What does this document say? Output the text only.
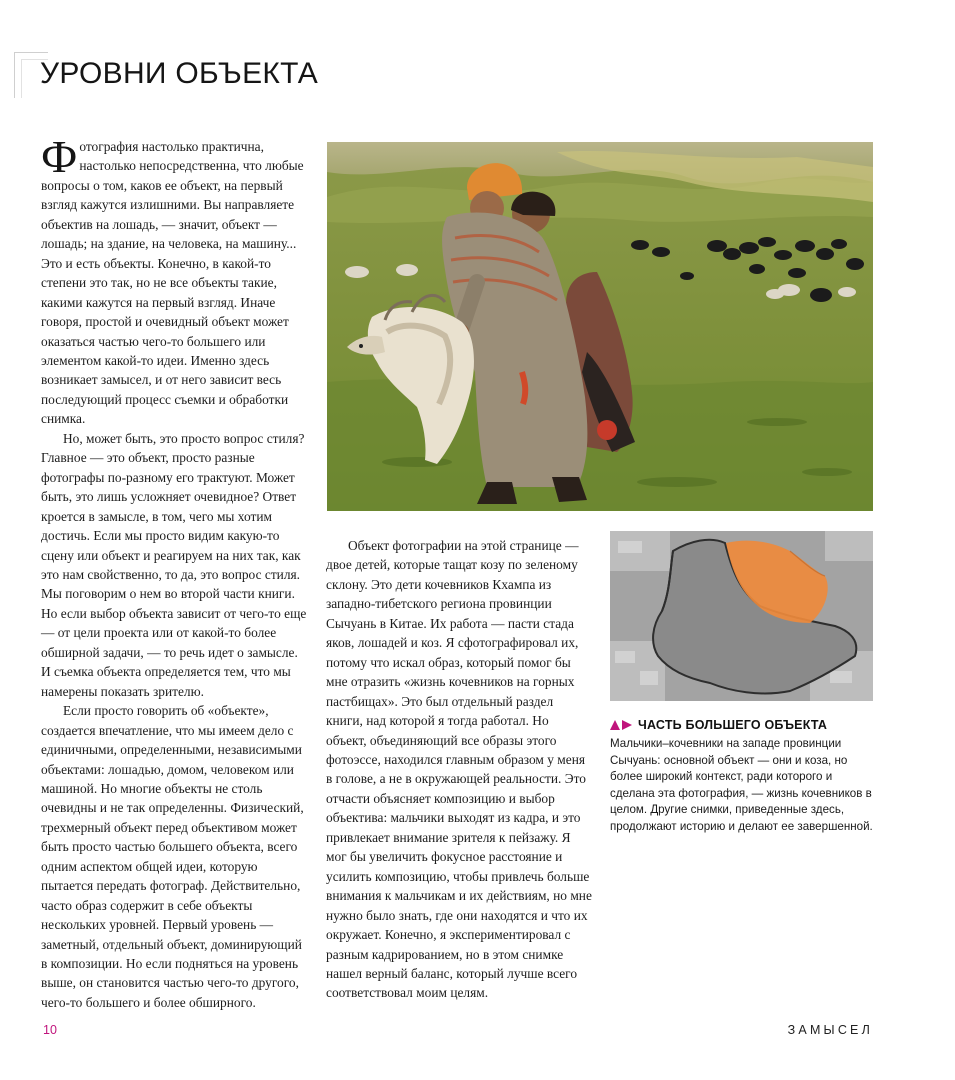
УРОВНИ ОБЪЕКТА

Фотография настолько практична, настолько непосредственна, что любые вопросы о том, каков ее объект, на первый взгляд кажутся излишними. Вы направляете объектив на лошадь, — значит, объект — лошадь; на здание, на человека, на машину... Это и есть объекты. Конечно, в какой-то степени это так, но не все объекты такие, какими кажутся на первый взгляд. Иначе говоря, простой и очевидный объект может оказаться частью чего-то большего или элементом какой-то идеи. Именно здесь возникает замысел, и от него зависит весь последующий процесс съемки и обработки снимка.

Но, может быть, это просто вопрос стиля? Главное — это объект, просто разные фотографы по-разному его трактуют. Может быть, это лишь усложняет очевидное? Ответ кроется в замысле, в том, чего мы хотим достичь. Если мы просто видим какую-то сцену или объект и реагируем на них так, как это нам свойственно, то да, это вопрос стиля. Мы поговорим о нем во второй части книги. Но если выбор объекта зависит от чего-то еще — от цели проекта или от какой-то более обширной задачи, — то речь идет о замысле. И съемка объекта определяется тем, что мы намерены показать зрителю.

Если просто говорить об «объекте», создается впечатление, что мы имеем дело с единичными, определенными, независимыми объектами: лошадью, домом, человеком или машиной. Но многие объекты не столь очевидны и не так определенны. Физический, трехмерный объект перед объективом может быть просто частью большего объекта, всего одним аспектом общей идеи, которую пытается передать фотограф. Действительно, часто образ содержит в себе объекты нескольких уровней. Первый уровень — заметный, отдельный объект, доминирующий в композиции. Но если подняться на уровень выше, он становится частью чего-то другого, чего-то большего и более обширного.

Объект фотографии на этой странице — двое детей, которые тащат козу по зеленому склону. Это дети кочевников Кхампа из западно-тибетского региона провинции Сычуань в Китае. Их работа — пасти стада яков, лошадей и коз. Я сфотографировал их, потому что искал образ, который помог бы мне отразить «жизнь кочевников на горных пастбищах». Это был отдельный раздел книги, над которой я тогда работал. Но объект, объединяющий все образы этого фотоэссе, находился главным образом у меня в голове, а не в окружающей реальности. Это отчасти объясняет композицию и выбор объектива: мальчики выходят из кадра, и это привлекает внимание зрителя к пейзажу. Я мог бы увеличить фокусное расстояние и усилить композицию, чтобы привлечь больше внимания к мальчикам и их действиям, но мне нужно было знать, где они находятся и что их окружает. Конечно, я экспериментировал с разным кадрированием, но в этом снимке нашел верный баланс, который лучше всего соответствовал моим целям.

ЧАСТЬ БОЛЬШЕГО ОБЪЕКТА

Мальчики–кочевники на западе провинции Сычуань: основной объект — они и коза, но более широкий контекст, ради которого и сделана эта фотография, — жизнь кочевников в целом. Другие снимки, приведенные здесь, продолжают историю и делают ее завершенной.

10	ЗАМЫСЕЛ
